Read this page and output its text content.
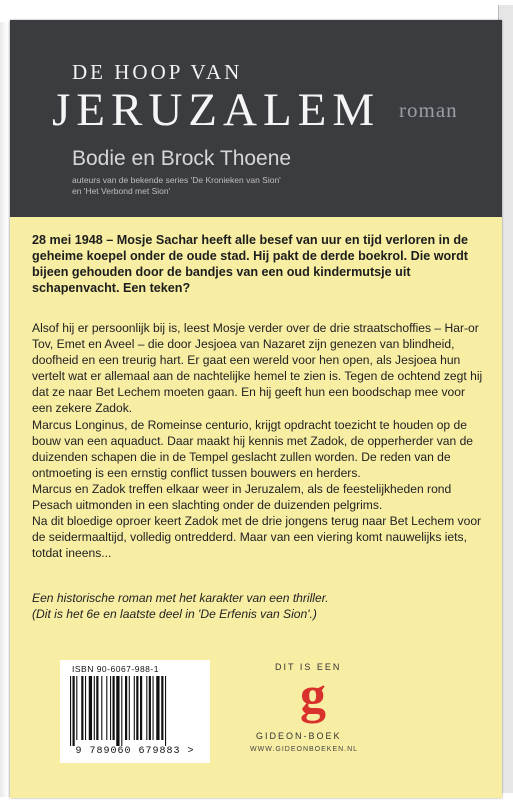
DE HOOP VAN
JERUZALEM roman
Bodie en Brock Thoene
auteurs van de bekende series 'De Kronieken van Sion'
en 'Het Verbond met Sion'
28 mei 1948 – Mosje Sachar heeft alle besef van uur en tijd verloren in de geheime koepel onder de oude stad. Hij pakt de derde boekrol. Die wordt bijeen gehouden door de bandjes van een oud kindermutsje uit schapenvacht. Een teken?

Alsof hij er persoonlijk bij is, leest Mosje verder over de drie straatschoffies – Har-or Tov, Emet en Aveel – die door Jesjoea van Nazaret zijn genezen van blindheid, doofheid en een treurig hart. Er gaat een wereld voor hen open, als Jesjoea hun vertelt wat er allemaal aan de nachtelijke hemel te zien is. Tegen de ochtend zegt hij dat ze naar Bet Lechem moeten gaan. En hij geeft hun een boodschap mee voor een zekere Zadok.

Marcus Longinus, de Romeinse centurio, krijgt opdracht toezicht te houden op de bouw van een aquaduct. Daar maakt hij kennis met Zadok, de opperherder van de duizenden schapen die in de Tempel geslacht zullen worden. De reden van de ontmoeting is een ernstig conflict tussen bouwers en herders.

Marcus en Zadok treffen elkaar weer in Jeruzalem, als de feestelijkheden rond Pesach uitmonden in een slachting onder de duizenden pelgrims.

Na dit bloedige oproer keert Zadok met de drie jongens terug naar Bet Lechem voor de seidermaaltijd, volledig ontredderd. Maar van een viering komt nauwelijks iets, totdat ineens...

Een historische roman met het karakter van een thriller.

(Dit is het 6e en laatste deel in 'De Erfenis van Sion'.)

ISBN 90-6067-988-1
9 789060 679883 >
DIT IS EEN
g
GIDEON-BOEK
WWW.GIDEONBOEKEN.NL
